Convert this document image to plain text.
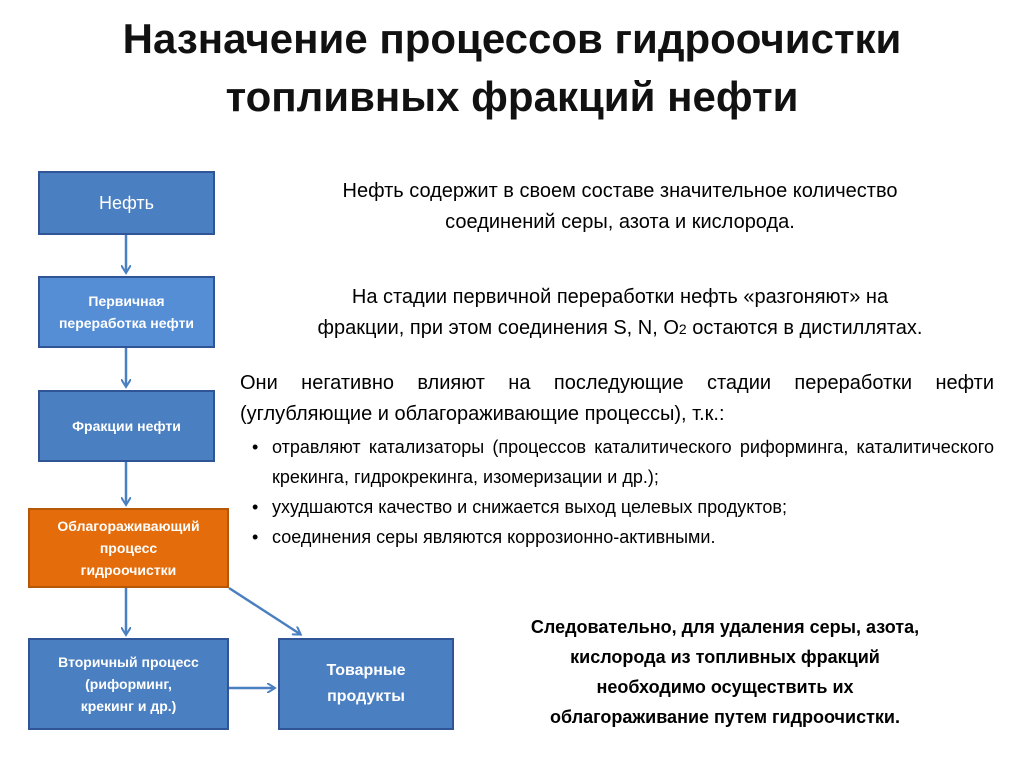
Назначение процессов гидроочистки
топливных фракций нефти
Нефть
Первичная
переработка нефти
Фракции нефти
Облагораживающий
процесс
гидроочистки
Вторичный процесс
(риформинг,
крекинг и др.)
Товарные
продукты
Нефть содержит в своем составе значительное количество
соединений серы, азота и кислорода.
На стадии первичной переработки нефть «разгоняют» на
фракции, при этом соединения S, N, O2 остаются в дистиллятах.
Они негативно влияют на последующие стадии переработки нефти (углубляющие и облагораживающие процессы), т.к.:
• отравляют катализаторы (процессов каталитического риформинга, каталитического крекинга, гидрокрекинга, изомеризации и др.);
• ухудшаются качество и снижается выход целевых продуктов;
• соединения серы являются коррозионно-активными.
Следовательно, для удаления серы, азота,
кислорода из топливных фракций
необходимо осуществить их
облагораживание путем гидроочистки.
